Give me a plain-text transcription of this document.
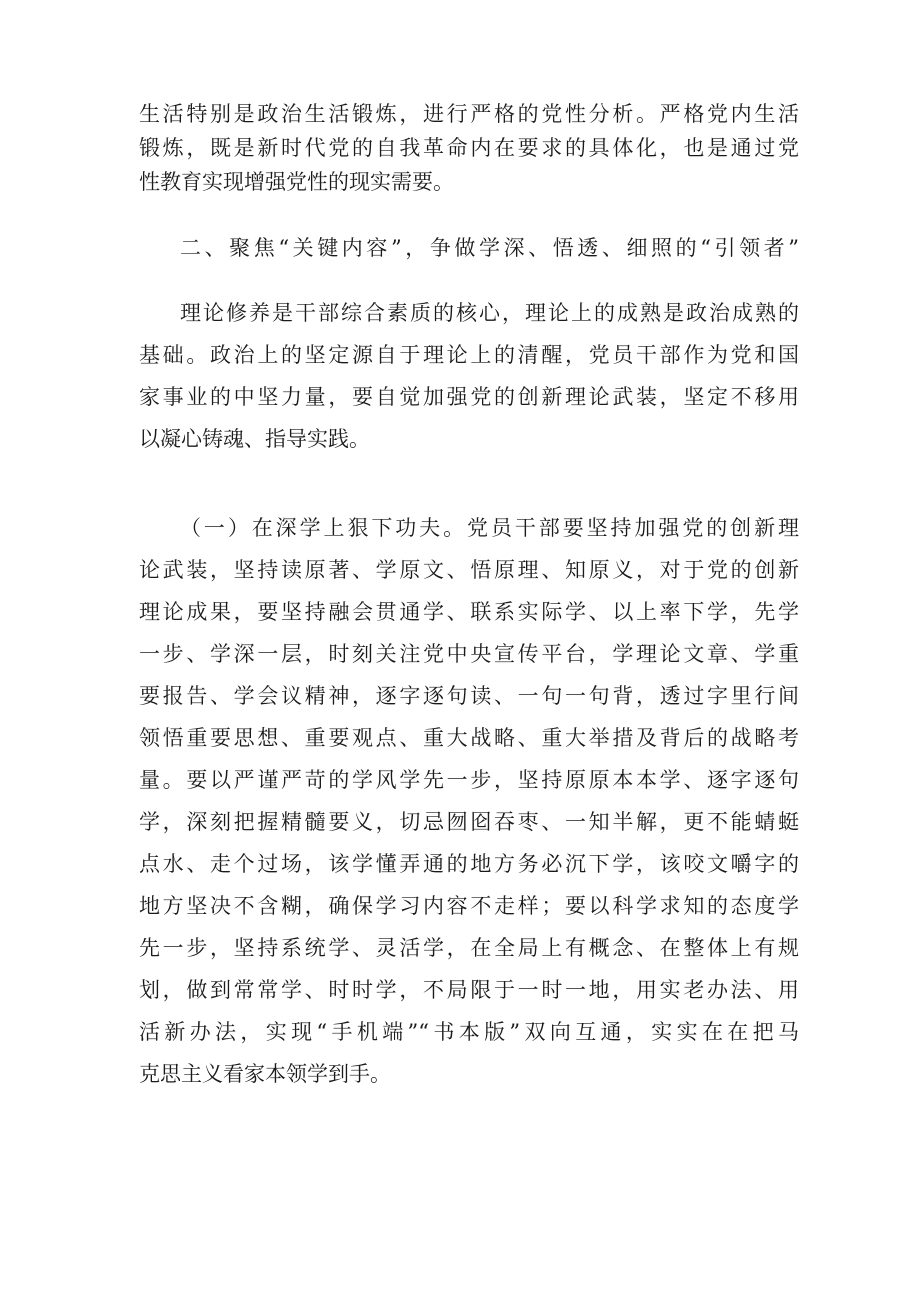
生活特别是政治生活锻炼，进行严格的党性分析。严格党内生活
锻炼，既是新时代党的自我革命内在要求的具体化，也是通过党
性教育实现增强党性的现实需要。
二、聚焦“关键内容”，争做学深、悟透、细照的“引领者”
理论修养是干部综合素质的核心，理论上的成熟是政治成熟的
基础。政治上的坚定源自于理论上的清醒，党员干部作为党和国
家事业的中坚力量，要自觉加强党的创新理论武装，坚定不移用
以凝心铸魂、指导实践。
（一）在深学上狠下功夫。党员干部要坚持加强党的创新理
论武装，坚持读原著、学原文、悟原理、知原义，对于党的创新
理论成果，要坚持融会贯通学、联系实际学、以上率下学，先学
一步、学深一层，时刻关注党中央宣传平台，学理论文章、学重
要报告、学会议精神，逐字逐句读、一句一句背，透过字里行间
领悟重要思想、重要观点、重大战略、重大举措及背后的战略考
量。要以严谨严苛的学风学先一步，坚持原原本本学、逐字逐句
学，深刻把握精髓要义，切忌囫囵吞枣、一知半解，更不能蜻蜓
点水、走个过场，该学懂弄通的地方务必沉下学，该咬文嚼字的
地方坚决不含糊，确保学习内容不走样；要以科学求知的态度学
先一步，坚持系统学、灵活学，在全局上有概念、在整体上有规
划，做到常常学、时时学，不局限于一时一地，用实老办法、用
活新办法，实现“手机端”“书本版”双向互通，实实在在把马
克思主义看家本领学到手。
